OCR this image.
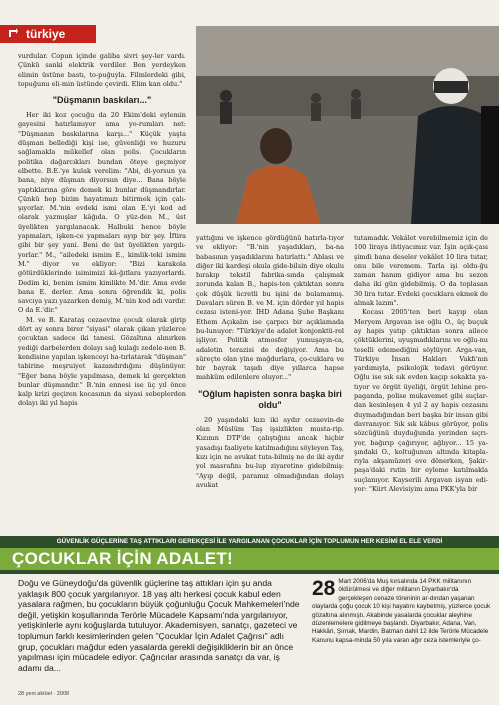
türkiye

vurdular. Copun içinde galiba sivri şey-ler vardı. Çünkü sanki elektrik verdiler. Ben yerdeyken elimin üstüne bastı, to-puğuyla. Filmlerdeki gibi, topuğunu eli-min üstünde çevirdi. Elim kan oldu."

"Düşmanın baskıları..."

Her iki koz çocuğu da 20 Ekim'deki eylemin gayesini hatırlamıyor ama yo-rumları net: "Düşmanın baskılarına karşı..." Küçük yaşta düşman bellediği kişi ise, güvenliği ve huzuru sağlamakla mükellef olan polis. Çocukların politika dağarcıkları bundan öteye geçmiyor elbette. B.E.'ye kulak verelim: "Abi, di-yorsun ya bana, niye düşman diyorsun diye... Bana böyle yaptıklarına göre demek ki bunlar düşmandırlar. Çünkü hep bizim hayatımızı bitirmek için çalı-şıyorlar. M.'nin evdeki ismi olan E.'yi kod ad olarak yazmışlar kâğıda. O yüz-den M., üst üyelikten yargılanacak. Halbuki hence böyle yapmaları, işken-ce yapmaları ayıp bir şey. İftira gibi bir şey yani. Beni de üst üyelikten yargılı-yorlar." M., "ailedeki ismim E., kimlik-teki ismim M." diyor ve ekliyor: "Bizi karakola götürdüklerinde isimimizi kâ-ğıtlara yazıyorlardı. Dedim ki, benim ismim kimlikte M.'dir. Ama evde bana E. derler. Ama sonra öğrendik ki, polis savcıya yazı yazarken demiş, M.'nin kod adı vardır. O da E.'dir."

M. ve B. Karataş cezaevine çocuk olarak girip dört ay sonra birer "siyasi" olarak çıkan yüzlerce çocuktan sadece iki tanesi. Gözaltına alınırken yediği darbelerden dolayı sağ kulağı zedele-nen B. kendisine yapılan işkenceyi ha-tırlatarak "düşman" tabirine meşruiyet kazandırdığını düşünüyor. "Eğer bana böyle yapılmasa, demek ki gerçekten bunlar düşmandır." B.'nin ennesi ise üç yıl önce kalp krizi geçiren kocasının da siyasi sebeplerden dolayı iki yıl hapis

yattığını ve işkence gördüğünü hatırla-tıyor ve ekliyor: "B.'nin yaşadıkları, ba-na babasının yaşadıklarını hatırlattı." Ablası ve diğer iki kardeşi okula gide-bilsin diye okulu bırakıp tekstil fabrika-sında çalışmak zorunda kalan B., hapis-ten çıktıktan sonra çok düşük ücretli bu işini de bulamamış. Davaları süren B. ve M. için dörder yıl hapis cezası isteni-yor. İHD Adana Şube Başkanı Ethem Açıkalın ise çarpıcı bir açıklamada bu-lunuyor: "Türkiye'de adalet konjonktü-rel işliyor. Politik atmosfer yumuşayın-ca, adaletin terazisi de değişiyor. Ama bu süreçte olan yine mağdurlara, ço-cuklara ve bir bayrak taşıdı diye yıllarca hapse mahkûm edilenlere oluyor..."

"Oğlum hapisten sonra başka biri oldu"

20 yaşındaki kızı iki aydır cezaevin-de olan Müslüm Taş işsizlikten musta-rip. Kızının DTP'de çalıştığını ancak hiçbir yasadışı faaliyete katılmadığını söyleyen Taş, kızı için ne avukat tuta-bilmiş ne de iki aydır yol masrafını bu-lup ziyaretine gidebilmiş: "Ayıp değil, paramız olmadığından dolayı avukat

tutamadık. Vekâlet verebilmemiz için de 100 liraya ihtiyacımız var. İşin açık-çası şimdi bana deseler vekâlet 10 lira tutar, onu bile veremem. Tarla işi oldu-ğu zaman hanım gidiyor ama bu sezon daha iki gün gidebilmiş. O da toplasan 30 lira tutar. Evdeki çocuklara ekmek de almak lazım".

Kocası 2005'ten beri kayıp olan Meryem Argavan ise oğlu O., üç buçuk ay hapis yatıp çıktıktan sonra ailece çöktüklerini, uyuşmadıklarını ve oğlu-nu teselli edemediğini söylüyor. Arga-van, Türkiye İnsan Hakları Vakfı'nın yardımıyla, psikolojik tedavi görüyor. Oğlu ise sık sık evden kaçıp sokakta ya-tıyor ve örgüt üyeliği, örgüt lehine pro-paganda, polise mukavemet gibi suçlar-dan kesinleşen 4 yıl 2 ay hapis cezasını duymadığından beri başka bir insan gibi davranıyor. Sık sık kâbus görüyor, polis sözcüğünü duyduğunda yerinden sıçrı-yor, bağırıp çağırıyor, ağlıyor... 15 ya-şındaki O., koltuğunun altında kitapla-rıyla akşamüzeri eve dönerken, Şakir-paşa'daki rutin bir eyleme katılmakla suçlanıyor. Kayserili Argavan isyan edi-yor: "Kürt Alevisiyim ama PKK'yla bir

GÜVENLİK GÜÇLERİNE TAŞ ATTIKLARI GEREKÇESİ İLE YARGILANAN ÇOCUKLAR İÇİN TOPLUMUN HER KESİMİ EL ELE VERDİ
ÇOCUKLAR İÇİN ADALET!
Doğu ve Güneydoğu'da güvenlik güçlerine taş attıkları için şu anda yaklaşık 800 çocuk yargılanıyor. 18 yaş altı herkesi çocuk kabul eden yasalara rağmen, bu çocukların büyük çoğunluğu Çocuk Mahkemeleri'nde değil, yetişkin koşullarında Terörle Mücadele Kapsamı'nda yargılanıyor, yetişkinlerle aynı koğuşlarda tutuluyor. Akademisyen, sanatçı, gazeteci ve toplumun farklı kesimlerinden gelen "Çocuklar İçin Adalet Çağrısı" adlı grup, çocukları mağdur eden yasalarda gerekli değişikliklerin bir an önce yapılması için mücadele ediyor. Çağrıcılar arasında sanatçı da var, iş adamı da...
28 Mart 2006'da Muş kırsalında 14 PKK militanının öldürülmesi ve diğer militanın Diyarbakır'da gerçekleşen cenaze töreninin ar-dından yaşanan olaylarda çoğu çocuk 10 kişi hayatını kaybetmiş, yüzlerce çocuk gözaltına alınmıştı. Akabinde yasalarda çocuklar aleyhine düzenlemelere gidilmeye başlandı. Diyarbakır, Adana, Van, Hakkâri, Şırnak, Mardin, Batman dahil 12 ilde Terörle Mücadele Kanunu kapsa-minda 50 yıla varan ağır ceza istemleriyle ço-
28 yeni aktüel · 2008
